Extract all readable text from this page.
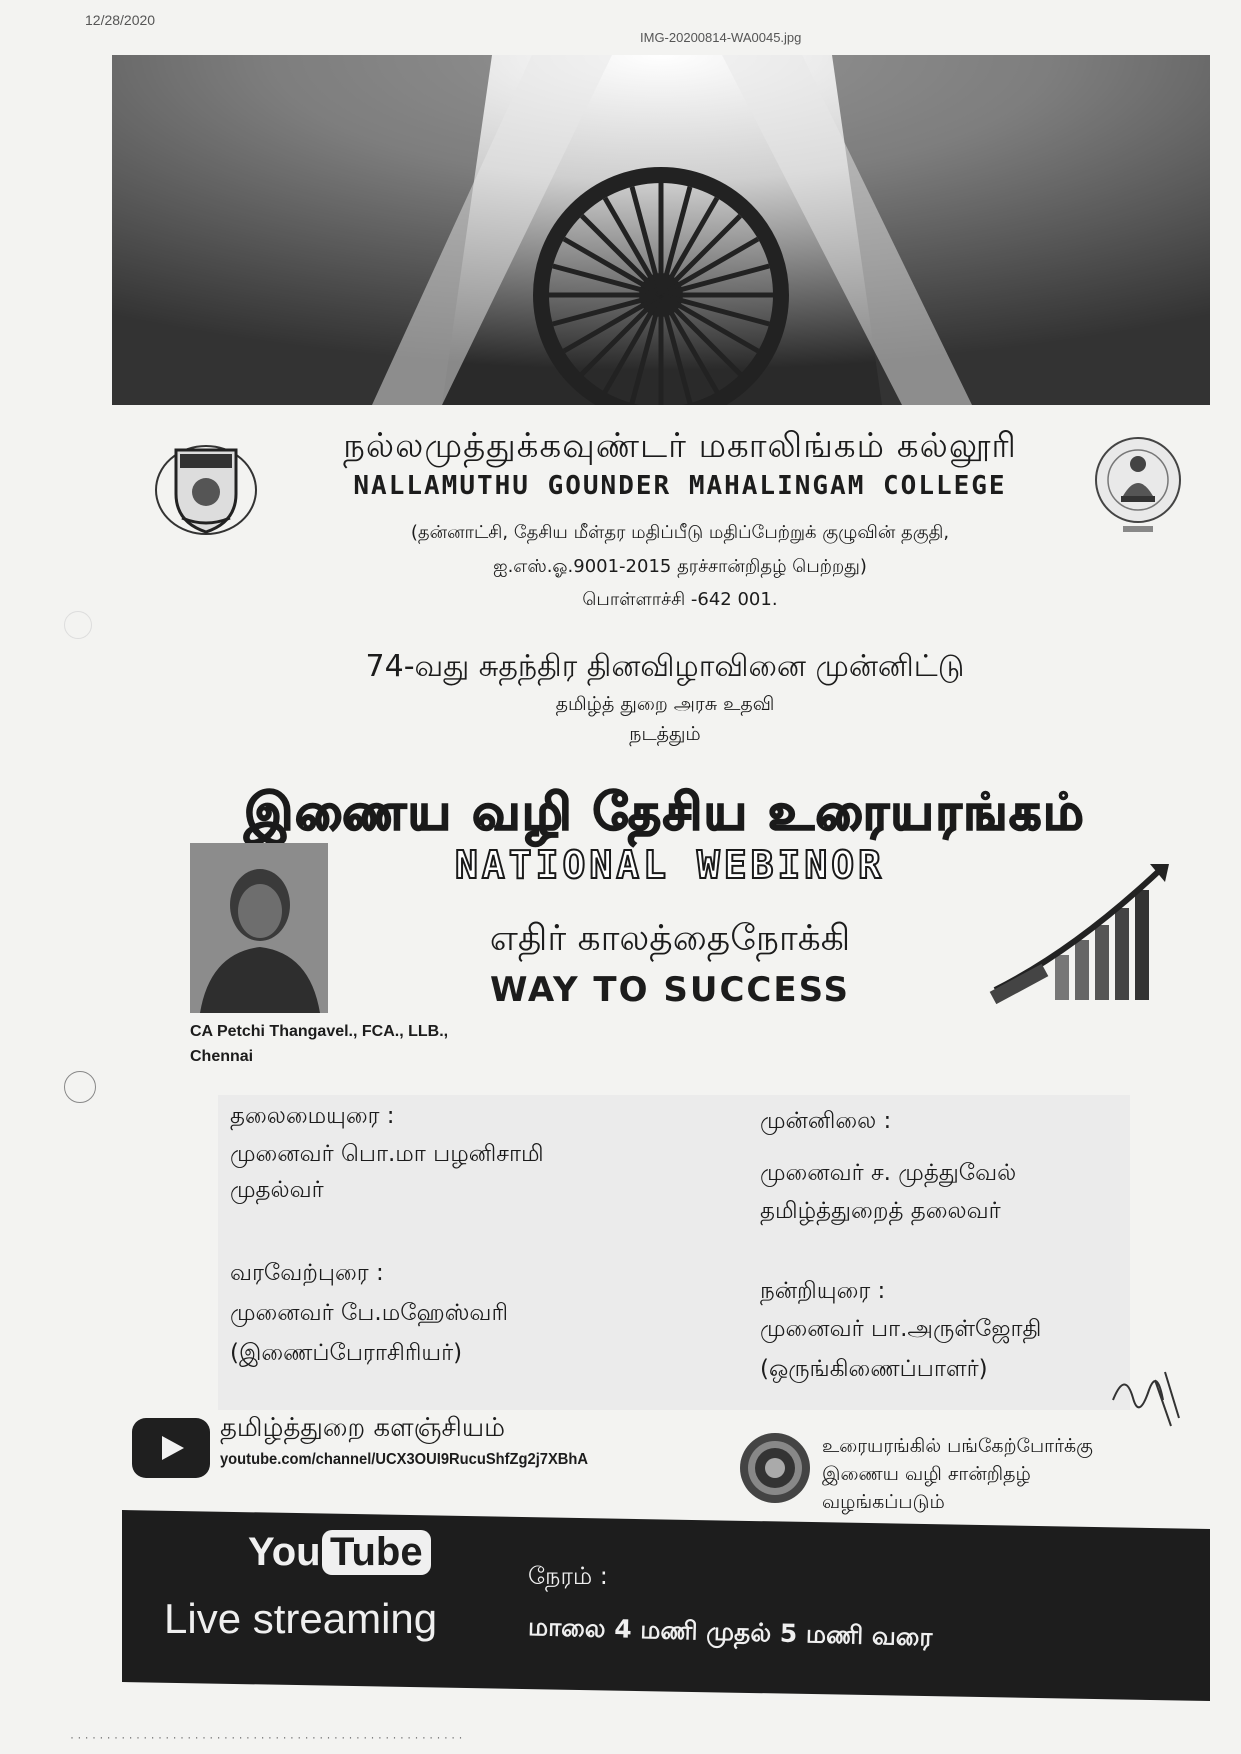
12/28/2020
IMG-20200814-WA0045.jpg
நல்லமுத்துக்கவுண்டர் மகாலிங்கம் கல்லூரி
NALLAMUTHU GOUNDER MAHALINGAM COLLEGE
(தன்னாட்சி, தேசிய மீள்தர மதிப்பீடு மதிப்பேற்றுக் குழுவின் தகுதி,
ஐ.எஸ்.ஓ.9001-2015 தரச்சான்றிதழ் பெற்றது)
பொள்ளாச்சி -642 001.
74-வது சுதந்திர தினவிழாவினை முன்னிட்டு
தமிழ்த் துறை அரசு உதவி
நடத்தும்
இணைய வழி தேசிய உரையரங்கம்
NATIONAL WEBINOR
எதிர் காலத்தைநோக்கி
WAY TO SUCCESS
CA Petchi Thangavel., FCA., LLB.,
Chennai
தலைமையுரை :
முனைவர் பொ.மா பழனிசாமி
முதல்வர்
முன்னிலை :
முனைவர் ச. முத்துவேல்
தமிழ்த்துறைத் தலைவர்
வரவேற்புரை :
முனைவர் பே.மஹேஸ்வரி
(இணைப்பேராசிரியர்)
நன்றியுரை :
முனைவர் பா.அருள்ஜோதி
(ஒருங்கிணைப்பாளர்)
தமிழ்த்துறை களஞ்சியம்
youtube.com/channel/UCX3OUI9RucuShfZg2j7XBhA
உரையரங்கில் பங்கேற்போர்க்கு
இணைய வழி சான்றிதழ்
வழங்கப்படும்
You Tube
Live streaming
நேரம் :
மாலை 4 மணி முதல் 5 மணி வரை
· · · · · · · · · · · · · · · · · · · · · · · · · · · · · · · · · · · · · · · · · · · · · · · · · · · · · ·
